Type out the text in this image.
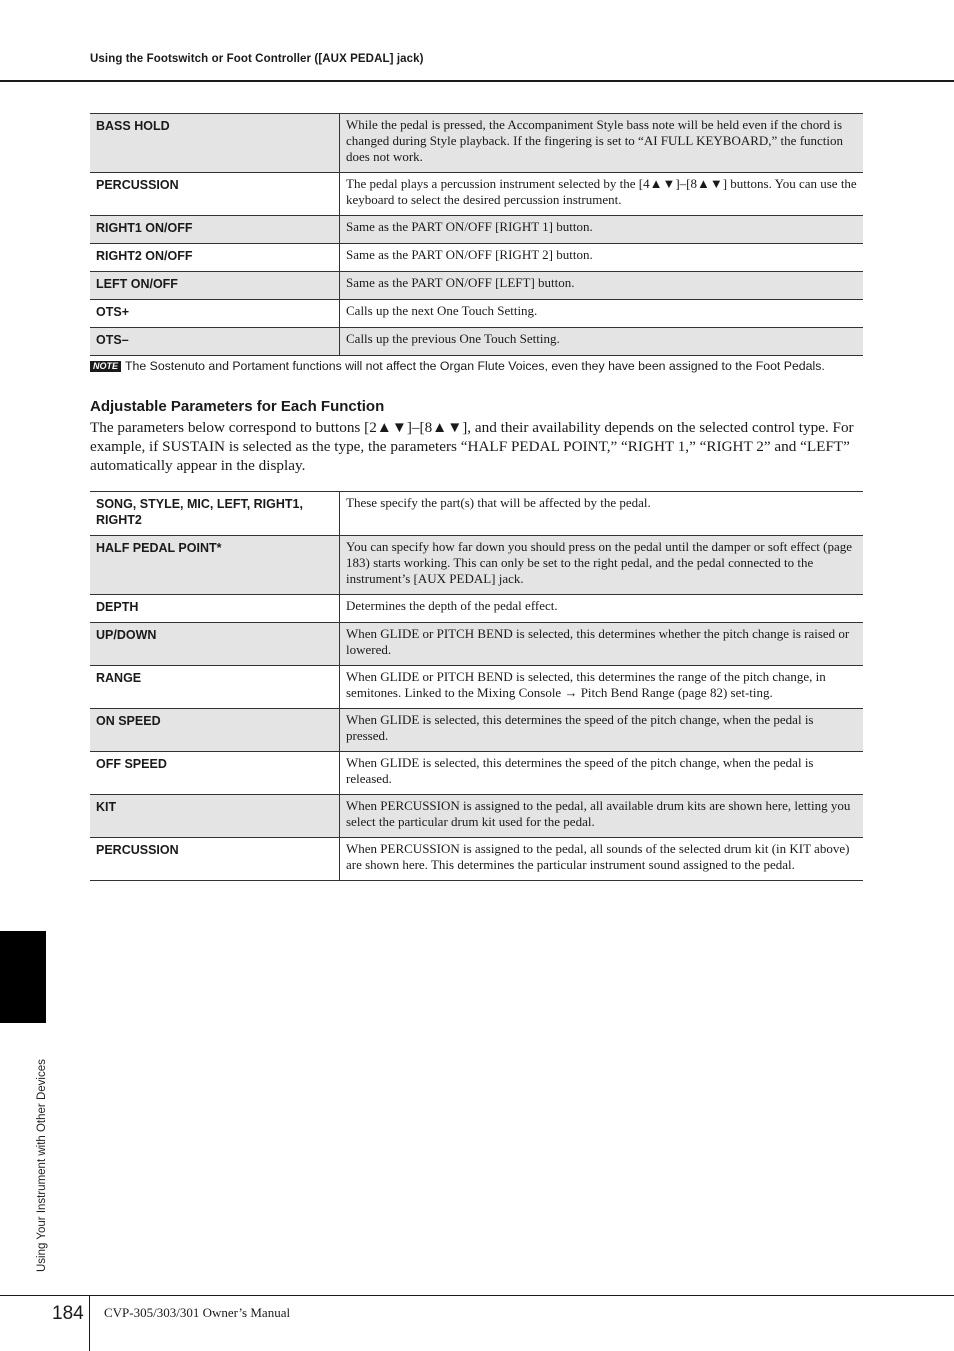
Using the Footswitch or Foot Controller ([AUX PEDAL] jack)
BASS HOLD	While the pedal is pressed, the Accompaniment Style bass note will be held even if the chord is changed during Style playback. If the fingering is set to “AI FULL KEYBOARD,” the function does not work.
PERCUSSION	The pedal plays a percussion instrument selected by the [4▲▼]–[8▲▼] buttons. You can use the keyboard to select the desired percussion instrument.
RIGHT1 ON/OFF	Same as the PART ON/OFF [RIGHT 1] button.
RIGHT2 ON/OFF	Same as the PART ON/OFF [RIGHT 2] button.
LEFT ON/OFF	Same as the PART ON/OFF [LEFT] button.
OTS+	Calls up the next One Touch Setting.
OTS–	Calls up the previous One Touch Setting.
NOTE The Sostenuto and Portament functions will not affect the Organ Flute Voices, even they have been assigned to the Foot Pedals.
Adjustable Parameters for Each Function
The parameters below correspond to buttons [2▲▼]–[8▲▼], and their availability depends on the selected control type. For example, if SUSTAIN is selected as the type, the parameters “HALF PEDAL POINT,” “RIGHT 1,” “RIGHT 2” and “LEFT” automatically appear in the display.
SONG, STYLE, MIC, LEFT, RIGHT1, RIGHT2	These specify the part(s) that will be affected by the pedal.
HALF PEDAL POINT*	You can specify how far down you should press on the pedal until the damper or soft effect (page 183) starts working. This can only be set to the right pedal, and the pedal connected to the instrument’s [AUX PEDAL] jack.
DEPTH	Determines the depth of the pedal effect.
UP/DOWN	When GLIDE or PITCH BEND is selected, this determines whether the pitch change is raised or lowered.
RANGE	When GLIDE or PITCH BEND is selected, this determines the range of the pitch change, in semitones. Linked to the Mixing Console → Pitch Bend Range (page 82) set-ting.
ON SPEED	When GLIDE is selected, this determines the speed of the pitch change, when the pedal is pressed.
OFF SPEED	When GLIDE is selected, this determines the speed of the pitch change, when the pedal is released.
KIT	When PERCUSSION is assigned to the pedal, all available drum kits are shown here, letting you select the particular drum kit used for the pedal.
PERCUSSION	When PERCUSSION is assigned to the pedal, all sounds of the selected drum kit (in KIT above) are shown here. This determines the particular instrument sound assigned to the pedal.
Using Your Instrument with Other Devices
184 CVP-305/303/301 Owner’s Manual
